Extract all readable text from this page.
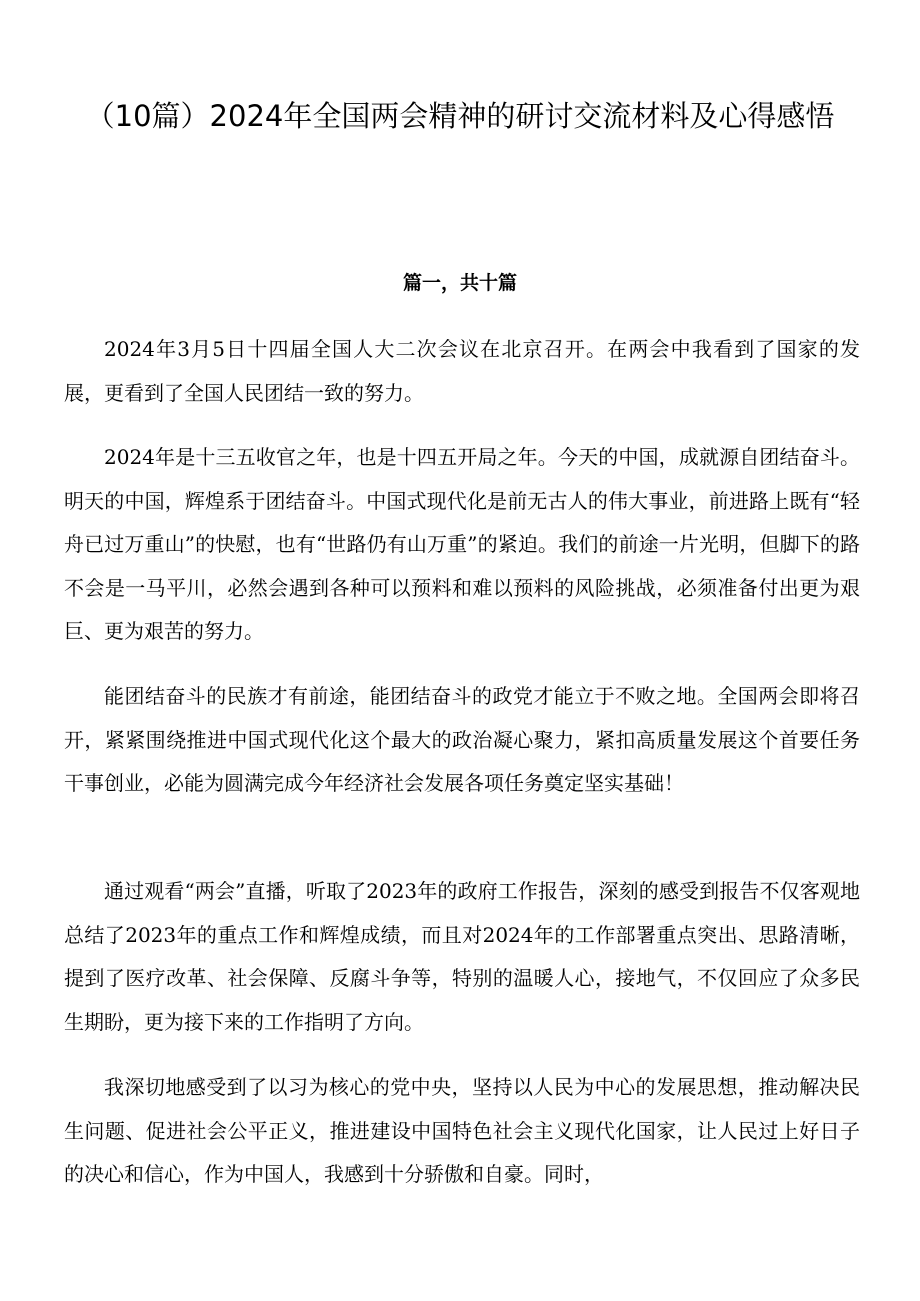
（10篇）2024年全国两会精神的研讨交流材料及心得感悟
篇一，共十篇

2024年3月5日十四届全国人大二次会议在北京召开。在两会中我看到了国家的发展，更看到了全国人民团结一致的努力。

2024年是十三五收官之年，也是十四五开局之年。今天的中国，成就源自团结奋斗。明天的中国，辉煌系于团结奋斗。中国式现代化是前无古人的伟大事业，前进路上既有“轻舟已过万重山”的快慰，也有“世路仍有山万重”的紧迫。我们的前途一片光明，但脚下的路不会是一马平川，必然会遇到各种可以预料和难以预料的风险挑战，必须准备付出更为艰巨、更为艰苦的努力。

能团结奋斗的民族才有前途，能团结奋斗的政党才能立于不败之地。全国两会即将召开，紧紧围绕推进中国式现代化这个最大的政治凝心聚力，紧扣高质量发展这个首要任务干事创业，必能为圆满完成今年经济社会发展各项任务奠定坚实基础！

通过观看“两会”直播，听取了2023年的政府工作报告，深刻的感受到报告不仅客观地总结了2023年的重点工作和辉煌成绩，而且对2024年的工作部署重点突出、思路清晰，提到了医疗改革、社会保障、反腐斗争等，特别的温暖人心，接地气，不仅回应了众多民生期盼，更为接下来的工作指明了方向。

我深切地感受到了以习为核心的党中央，坚持以人民为中心的发展思想，推动解决民生问题、促进社会公平正义，推进建设中国特色社会主义现代化国家，让人民过上好日子的决心和信心，作为中国人，我感到十分骄傲和自豪。同时，
